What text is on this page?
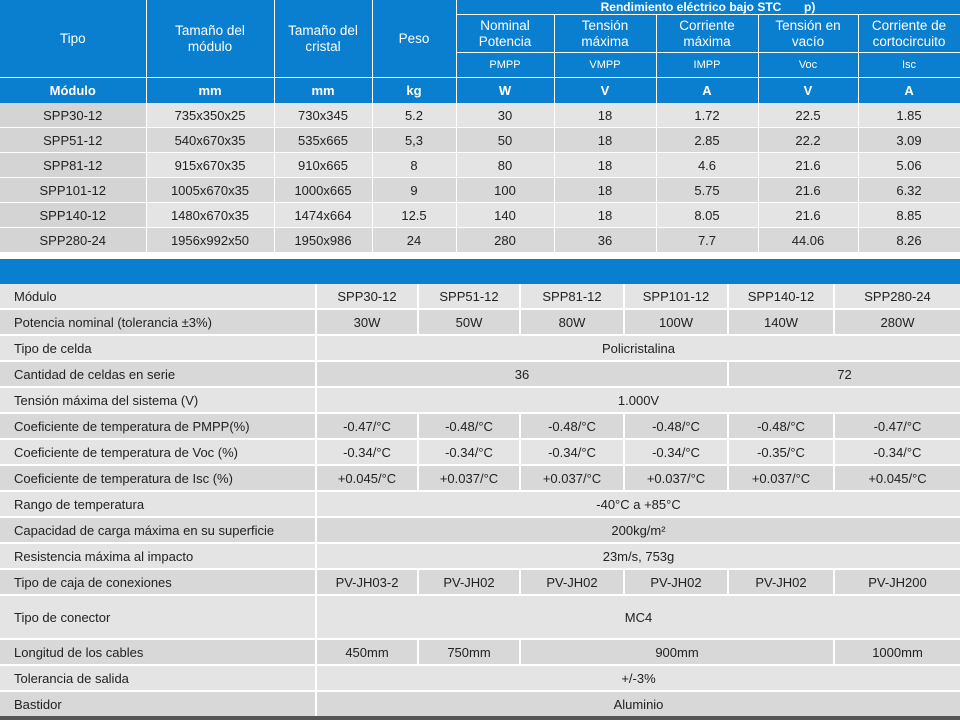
Tipo	Tamaño del módulo	Tamaño del cristal	Peso	Rendimiento eléctrico bajo STC p)				
				Nominal Potencia	Tensión máxima	Corriente máxima	Tensión en vacío	Corriente de cortocircuito
				PMPP	VMPP	IMPP	Voc	Isc
Módulo	mm	mm	kg	W	V	A	V	A
SPP30-12	735x350x25	730x345	5.2	30	18	1.72	22.5	1.85
SPP51-12	540x670x35	535x665	5,3	50	18	2.85	22.2	3.09
SPP81-12	915x670x35	910x665	8	80	18	4.6	21.6	5.06
SPP101-12	1005x670x35	1000x665	9	100	18	5.75	21.6	6.32
SPP140-12	1480x670x35	1474x664	12.5	140	18	8.05	21.6	8.85
SPP280-24	1956x992x50	1950x986	24	280	36	7.7	44.06	8.26
Módulo	SPP30-12	SPP51-12	SPP81-12	SPP101-12	SPP140-12	SPP280-24
Potencia nominal (tolerancia ±3%)	30W	50W	80W	100W	140W	280W
Tipo de celda	Policristalina					
Cantidad de celdas en serie	36				72	
Tensión máxima del sistema (V)	1.000V					
Coeficiente de temperatura de PMPP(%)	-0.47/°C	-0.48/°C	-0.48/°C	-0.48/°C	-0.48/°C	-0.47/°C
Coeficiente de temperatura de Voc (%)	-0.34/°C	-0.34/°C	-0.34/°C	-0.34/°C	-0.35/°C	-0.34/°C
Coeficiente de temperatura de Isc (%)	+0.045/°C	+0.037/°C	+0.037/°C	+0.037/°C	+0.037/°C	+0.045/°C
Rango de temperatura	-40°C a +85°C					
Capacidad de carga máxima en su superficie	200kg/m²					
Resistencia máxima al impacto	23m/s, 753g					
Tipo de caja de conexiones	PV-JH03-2	PV-JH02	PV-JH02	PV-JH02	PV-JH02	PV-JH200
Tipo de conector	MC4					
Longitud de los cables	450mm	750mm	900mm			1000mm
Tolerancia de salida	+/-3%					
Bastidor	Aluminio					
